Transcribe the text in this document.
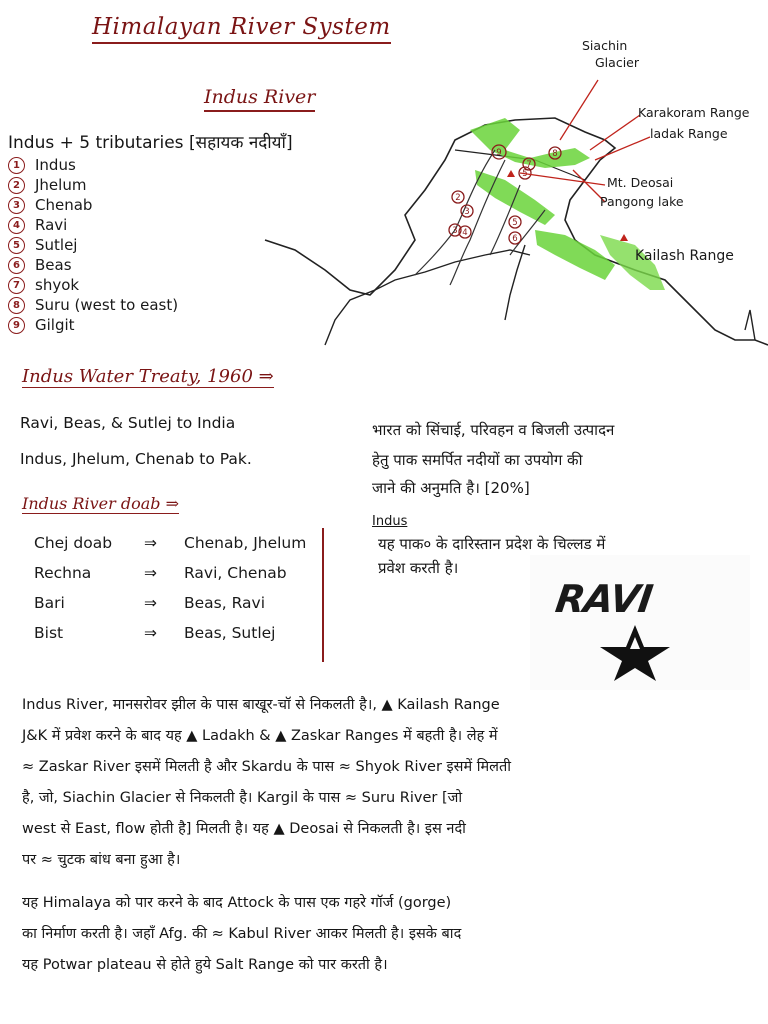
Himalayan River System
Indus River
Indus + 5 tributaries [सहायक नदीयाँ]
1	Indus
2	Jhelum
3	Chenab
4	Ravi
5	Sutlej
6	Beas
7	shyok
8	Suru (west to east)
9	Gilgit
9	8
7
2
3
4
3
5
6
Siachin
Glacier
Karakoram Range
ladak Range
Mt. Deosai
Pangong lake
Kailash Range
Indus Water Treaty, 1960 ⇒
Ravi, Beas, & Sutlej to India
Indus, Jhelum, Chenab to Pak.
भारत को सिंचाई, परिवहन व बिजली उत्पादन
हेतु पाक समर्पित नदीयों का उपयोग की
जाने की अनुमति है। [20%]
Indus River doab ⇒
Chej doab	⇒	Chenab, Jhelum
Rechna	⇒	Ravi, Chenab
Bari	⇒	Beas, Ravi
Bist	⇒	Beas, Sutlej
Indus
यह पाक० के दारिस्तान प्रदेश के चिल्लड में
प्रवेश करती है।
RAVI
Indus River, मानसरोवर झील के पास बाखूर-चॉ से निकलती है।, ▲ Kailash Range
J&K में प्रवेश करने के बाद यह ▲ Ladakh & ▲ Zaskar Ranges में बहती है। लेह में
≈ Zaskar River इसमें मिलती है और Skardu के पास ≈ Shyok River इसमें मिलती
है, जो, Siachin Glacier से निकलती है। Kargil के पास ≈ Suru River [जो
west से East, flow होती है] मिलती है। यह ▲ Deosai से निकलती है। इस नदी
पर ≈ चुटक बांध बना हुआ है।
यह Himalaya को पार करने के बाद Attock के पास एक गहरे गॉर्ज (gorge)
का निर्माण करती है। जहाँ Afg. की ≈ Kabul River आकर मिलती है। इसके बाद
यह Potwar plateau से होते हुये Salt Range को पार करती है।
